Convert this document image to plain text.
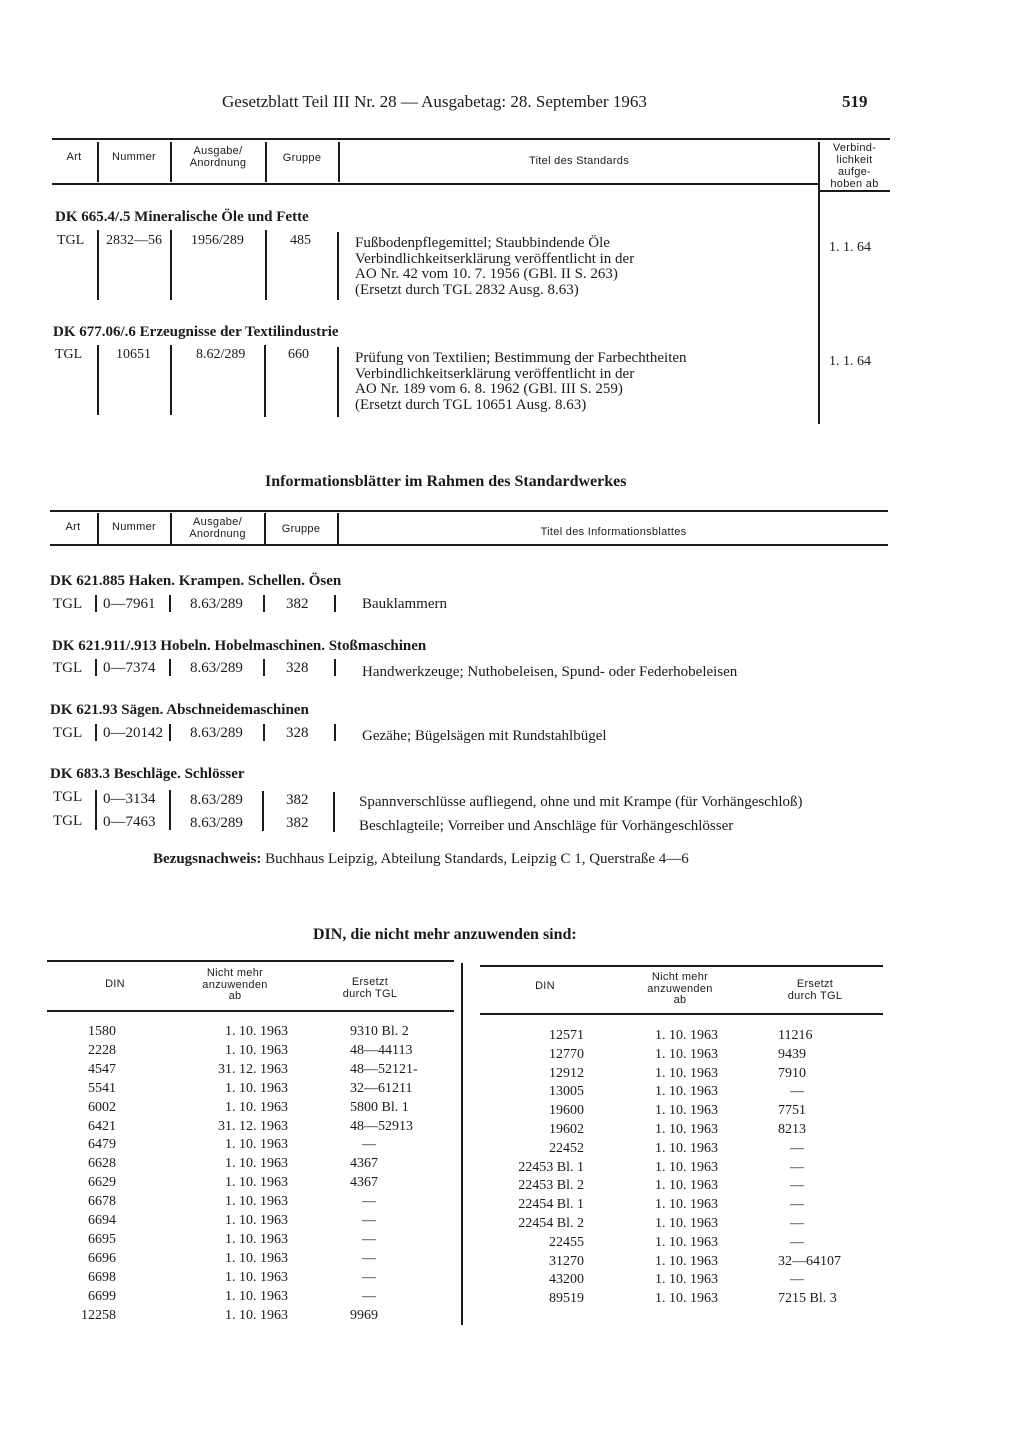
Gesetzblatt Teil III Nr. 28 — Ausgabetag: 28. September 1963	519
Art	Nummer	Ausgabe/
Anordnung	Gruppe	Titel des Standards
Verbind-
lichkeit
aufge-
hoben ab
DK 665.4/.5 Mineralische Öle und Fette
TGL 2832—56 1956/289	485	Fußbodenpflegemittel; Staubbindende Öle
Verbindlichkeitserklärung veröffentlicht in der
AO Nr. 42 vom 10. 7. 1956 (GBl. II S. 263)
(Ersetzt durch TGL 2832 Ausg. 8.63)
1. 1. 64
DK 677.06/.6 Erzeugnisse der Textilindustrie
TGL 10651	8.62/289	660	Prüfung von Textilien; Bestimmung der Farbechtheiten
Verbindlichkeitserklärung veröffentlicht in der
AO Nr. 189 vom 6. 8. 1962 (GBl. III S. 259)
(Ersetzt durch TGL 10651 Ausg. 8.63)
1. 1. 64
Informationsblätter im Rahmen des Standardwerkes
Art	Nummer	Ausgabe/
Anordnung	Gruppe	Titel des Informationsblattes
DK 621.885 Haken. Krampen. Schellen. Ösen
TGL 0—7961 8.63/289	382	Bauklammern
DK 621.911/.913 Hobeln. Hobelmaschinen. Stoßmaschinen
TGL 0—7374 8.63/289	328	Handwerkzeuge; Nuthobeleisen, Spund- oder Federhobeleisen
DK 621.93 Sägen. Abschneidemaschinen
TGL 0—20142 8.63/289	328	Gezähe; Bügelsägen mit Rundstahlbügel
DK 683.3 Beschläge. Schlösser
TGL 0—3134 8.63/289	382	Spannverschlüsse aufliegend, ohne und mit Krampe (für Vorhängeschloß)
TGL 0—7463 8.63/289	382	Beschlagteile; Vorreiber und Anschläge für Vorhängeschlösser
Bezugsnachweis: Buchhaus Leipzig, Abteilung Standards, Leipzig C 1, Querstraße 4—6
DIN, die nicht mehr anzuwenden sind:
DIN
Nicht mehr
anzuwenden
ab
Ersetzt
durch TGL
DIN
Nicht mehr
anzuwenden
ab
Ersetzt
durch TGL
1580	1. 10. 1963	9310 Bl. 2
2228	1. 10. 1963	48—44113
4547	31. 12. 1963	48—52121-
5541	1. 10. 1963	32—61211
6002	1. 10. 1963	5800 Bl. 1
6421	31. 12. 1963	48—52913
6479	1. 10. 1963	—
6628	1. 10. 1963	4367
6629	1. 10. 1963	4367
6678	1. 10. 1963	—
6694	1. 10. 1963	—
6695	1. 10. 1963	—
6696	1. 10. 1963	—
6698	1. 10. 1963	—
6699	1. 10. 1963	—
12258	1. 10. 1963	9969
12571	1. 10. 1963	11216
12770	1. 10. 1963	9439
12912	1. 10. 1963	7910
13005	1. 10. 1963	—
19600	1. 10. 1963	7751
19602	1. 10. 1963	8213
22452	1. 10. 1963	—
22453 Bl. 1	1. 10. 1963	—
22453 Bl. 2	1. 10. 1963	—
22454 Bl. 1	1. 10. 1963	—
22454 Bl. 2	1. 10. 1963	—
22455	1. 10. 1963	—
31270	1. 10. 1963	32—64107
43200	1. 10. 1963	—
89519	1. 10. 1963	7215 Bl. 3
